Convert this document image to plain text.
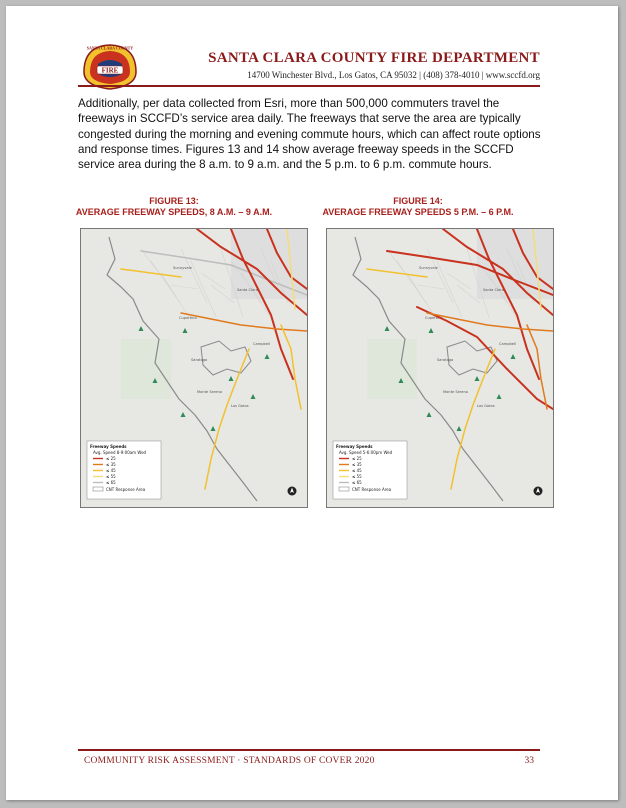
FIRE
SANTA CLARA COUNTY
SANTA CLARA COUNTY FIRE DEPARTMENT
14700 Winchester Blvd., Los Gatos, CA 95032 | (408) 378-4010 | www.sccfd.org

Additionally, per data collected from Esri, more than 500,000 commuters travel the freeways in SCCFD’s service area daily. The freeways that serve the area are typically congested during the morning and evening commute hours, which can affect route options and response times. Figures 13 and 14 show average freeway speeds in the SCCFD service area during the 8 a.m. to 9 a.m. and the 5 p.m. to 6 p.m. commute hours.

FIGURE 13:
AVERAGE FREEWAY SPEEDS, 8 A.M. – 9 A.M.
Sunnyvale
Santa Clara
Cupertino
Saratoga
Campbell
Los Gatos
Monte Sereno
Freeway Speeds
Avg. Speed 8-9:00am Wed
≤ 25
≤ 35
≤ 45
≤ 55
≤ 65
CNT Response Area
FIGURE 14:
AVERAGE FREEWAY SPEEDS 5 P.M. – 6 P.M.
Sunnyvale
Santa Clara
Cupertino
Saratoga
Campbell
Los Gatos
Monte Sereno
Freeway Speeds
Avg. Speed 5-6:00pm Wed
≤ 25
≤ 35
≤ 45
≤ 55
≤ 65
CNT Response Area
COMMUNITY RISK ASSESSMENT · STANDARDS OF COVER 2020	33
